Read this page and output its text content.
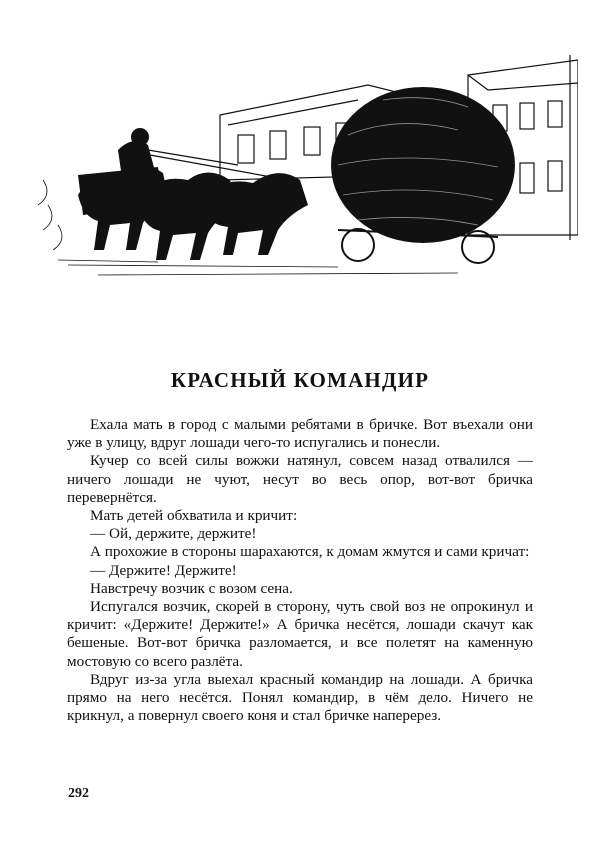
КРАСНЫЙ КОМАНДИР

Ехала мать в город с малыми ребятами в бричке. Вот въехали они уже в улицу, вдруг лошади чего-то испугались и понесли.

Кучер со всей силы вожжи натянул, совсем назад отвалился — ничего лошади не чуют, несут во весь опор, вот-вот бричка перевернётся.

Мать детей обхватила и кричит:

— Ой, держите, держите!

А прохожие в стороны шарахаются, к домам жмутся и сами кричат:

— Держите! Держите!

Навстречу возчик с возом сена.

Испугался возчик, скорей в сторону, чуть свой воз не опрокинул и кричит: «Держите! Держите!» А бричка несётся, лошади скачут как бешеные. Вот-вот бричка разломается, и все полетят на каменную мостовую со всего разлёта.

Вдруг из-за угла выехал красный командир на лошади. А бричка прямо на него несётся. Понял командир, в чём дело. Ничего не крикнул, а повернул своего коня и стал бричке наперерез.

292
